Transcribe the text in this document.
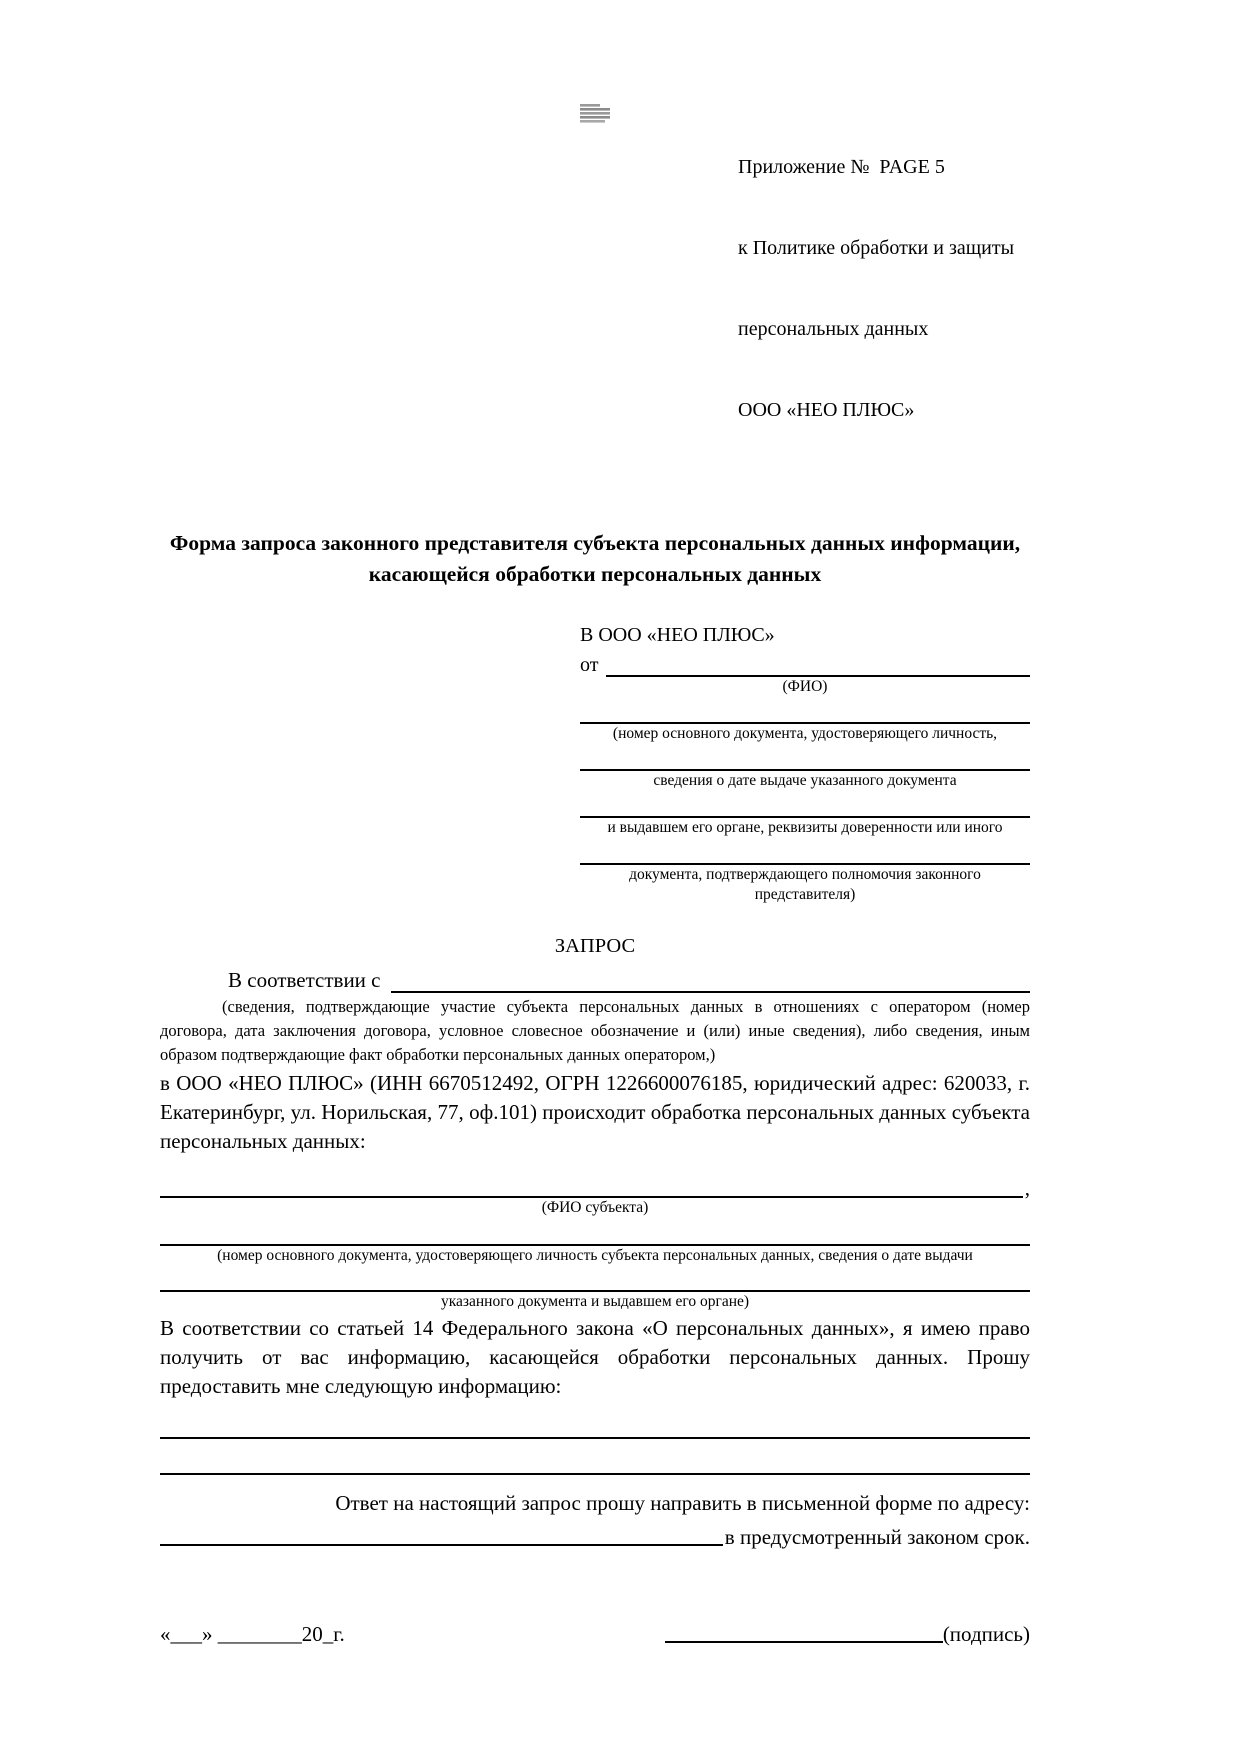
Приложение №  PAGE 5

к Политике обработки и защиты

персональных данных

ООО «НЕО ПЛЮС»

Форма запроса законного представителя субъекта персональных данных информации, касающейся обработки персональных данных
В ООО «НЕО ПЛЮС»
от
(ФИО)
(номер основного документа, удостоверяющего личность,
сведения о дате выдаче указанного документа
и выдавшем его органе, реквизиты доверенности или иного
документа, подтверждающего полномочия законного представителя)
ЗАПРОС
В соответствии с
(сведения, подтверждающие участие субъекта персональных данных в отношениях с оператором (номер договора, дата заключения договора, условное словесное обозначение и (или) иные сведения), либо сведения, иным образом подтверждающие факт обработки персональных данных оператором,)
в ООО «НЕО ПЛЮС» (ИНН 6670512492, ОГРН 1226600076185, юридический адрес: 620033, г. Екатеринбург, ул. Норильская, 77, оф.101) происходит обработка персональных данных субъекта персональных данных:
,
(ФИО субъекта)
(номер основного документа, удостоверяющего личность субъекта персональных данных, сведения о дате выдачи
указанного документа и выдавшем его органе)
В соответствии со статьей 14 Федерального закона «О персональных данных», я имею право получить от вас информацию, касающейся обработки персональных данных. Прошу предоставить мне следующую информацию:
Ответ на настоящий запрос прошу направить в письменной форме по адресу:
в предусмотренный законом срок.
«___» ________20_г.	(подпись)
